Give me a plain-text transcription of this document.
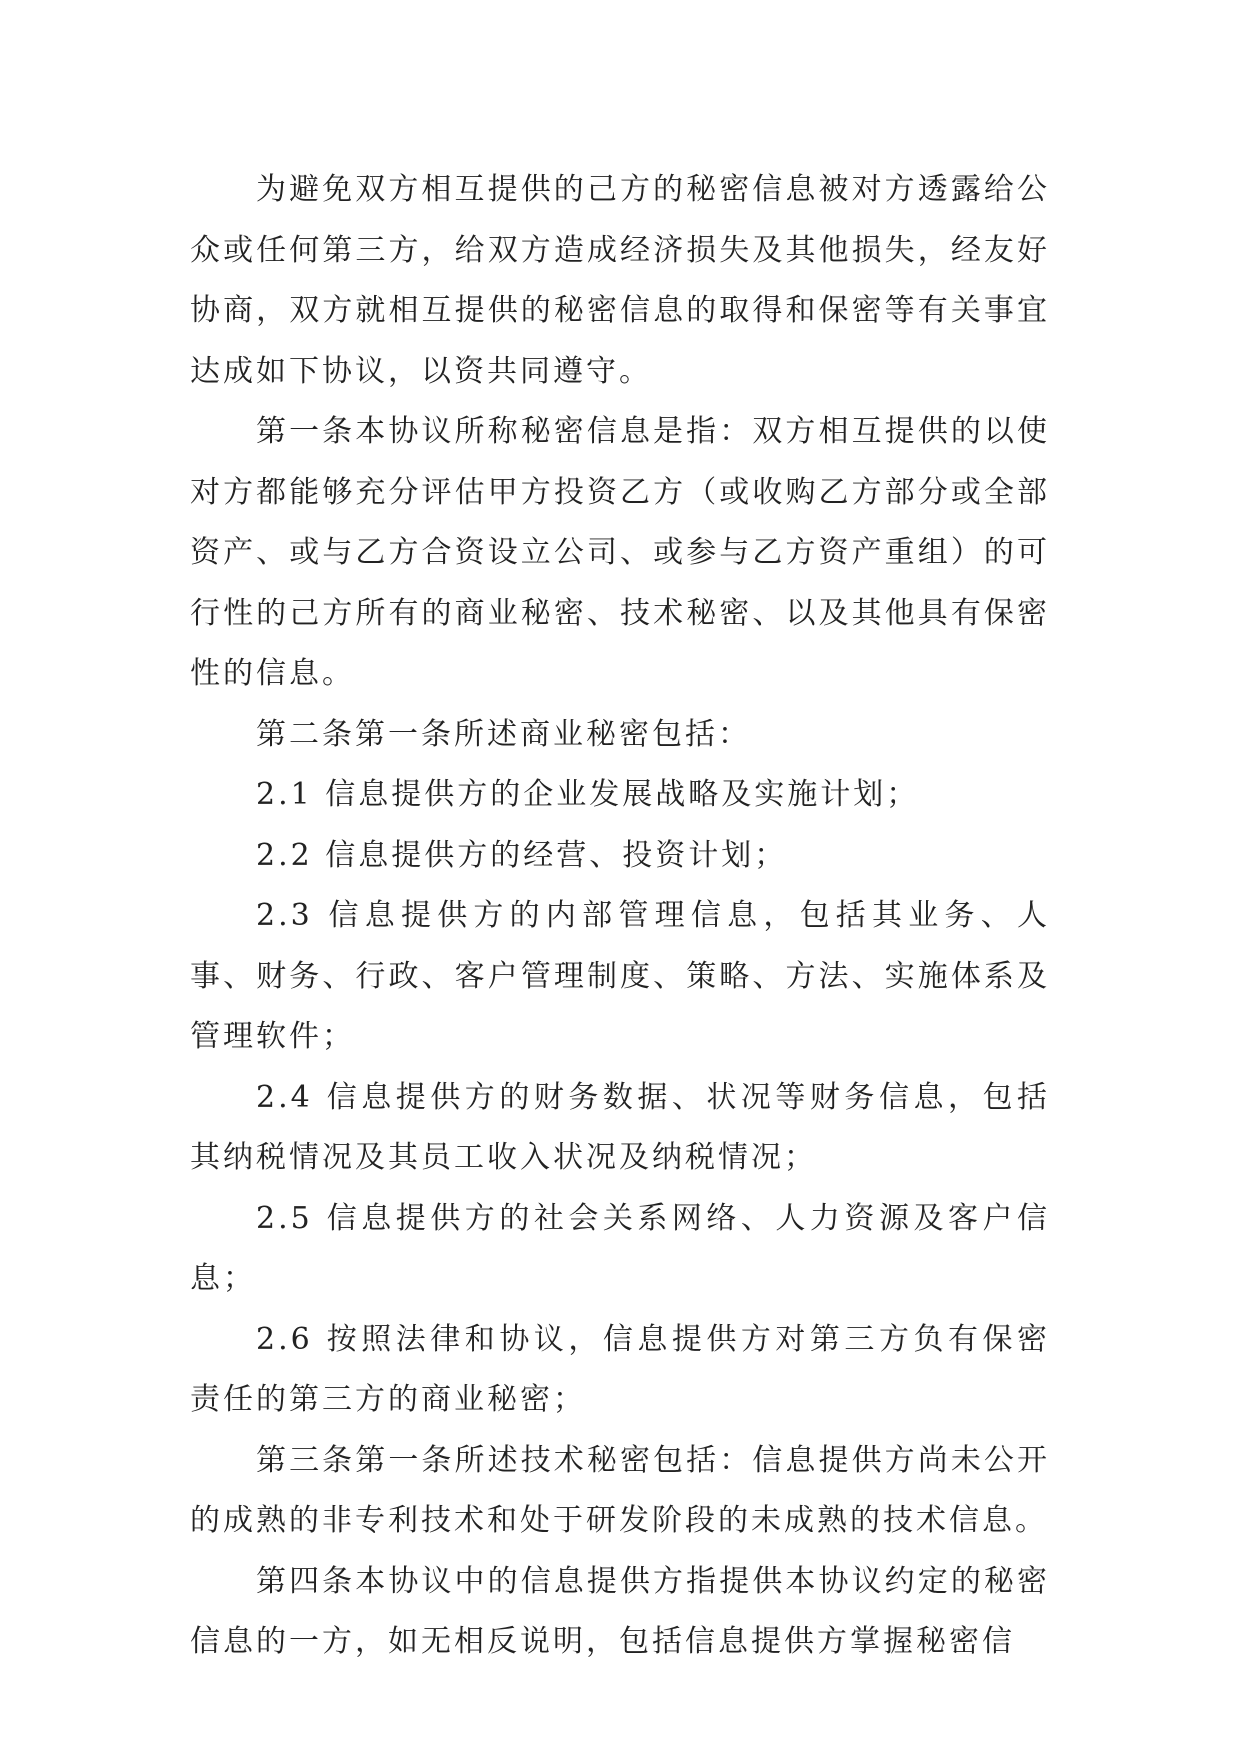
为避免双方相互提供的己方的秘密信息被对方透露给公众或任何第三方，给双方造成经济损失及其他损失，经友好协商，双方就相互提供的秘密信息的取得和保密等有关事宜达成如下协议，以资共同遵守。

第一条本协议所称秘密信息是指：双方相互提供的以使对方都能够充分评估甲方投资乙方（或收购乙方部分或全部资产、或与乙方合资设立公司、或参与乙方资产重组）的可行性的己方所有的商业秘密、技术秘密、以及其他具有保密性的信息。

第二条第一条所述商业秘密包括：

2.1 信息提供方的企业发展战略及实施计划；

2.2 信息提供方的经营、投资计划；

2.3 信息提供方的内部管理信息，包括其业务、人事、财务、行政、客户管理制度、策略、方法、实施体系及管理软件；

2.4 信息提供方的财务数据、状况等财务信息，包括其纳税情况及其员工收入状况及纳税情况；

2.5 信息提供方的社会关系网络、人力资源及客户信息；

2.6 按照法律和协议，信息提供方对第三方负有保密责任的第三方的商业秘密；

第三条第一条所述技术秘密包括：信息提供方尚未公开的成熟的非专利技术和处于研发阶段的未成熟的技术信息。

第四条本协议中的信息提供方指提供本协议约定的秘密信息的一方，如无相反说明，包括信息提供方掌握秘密信
